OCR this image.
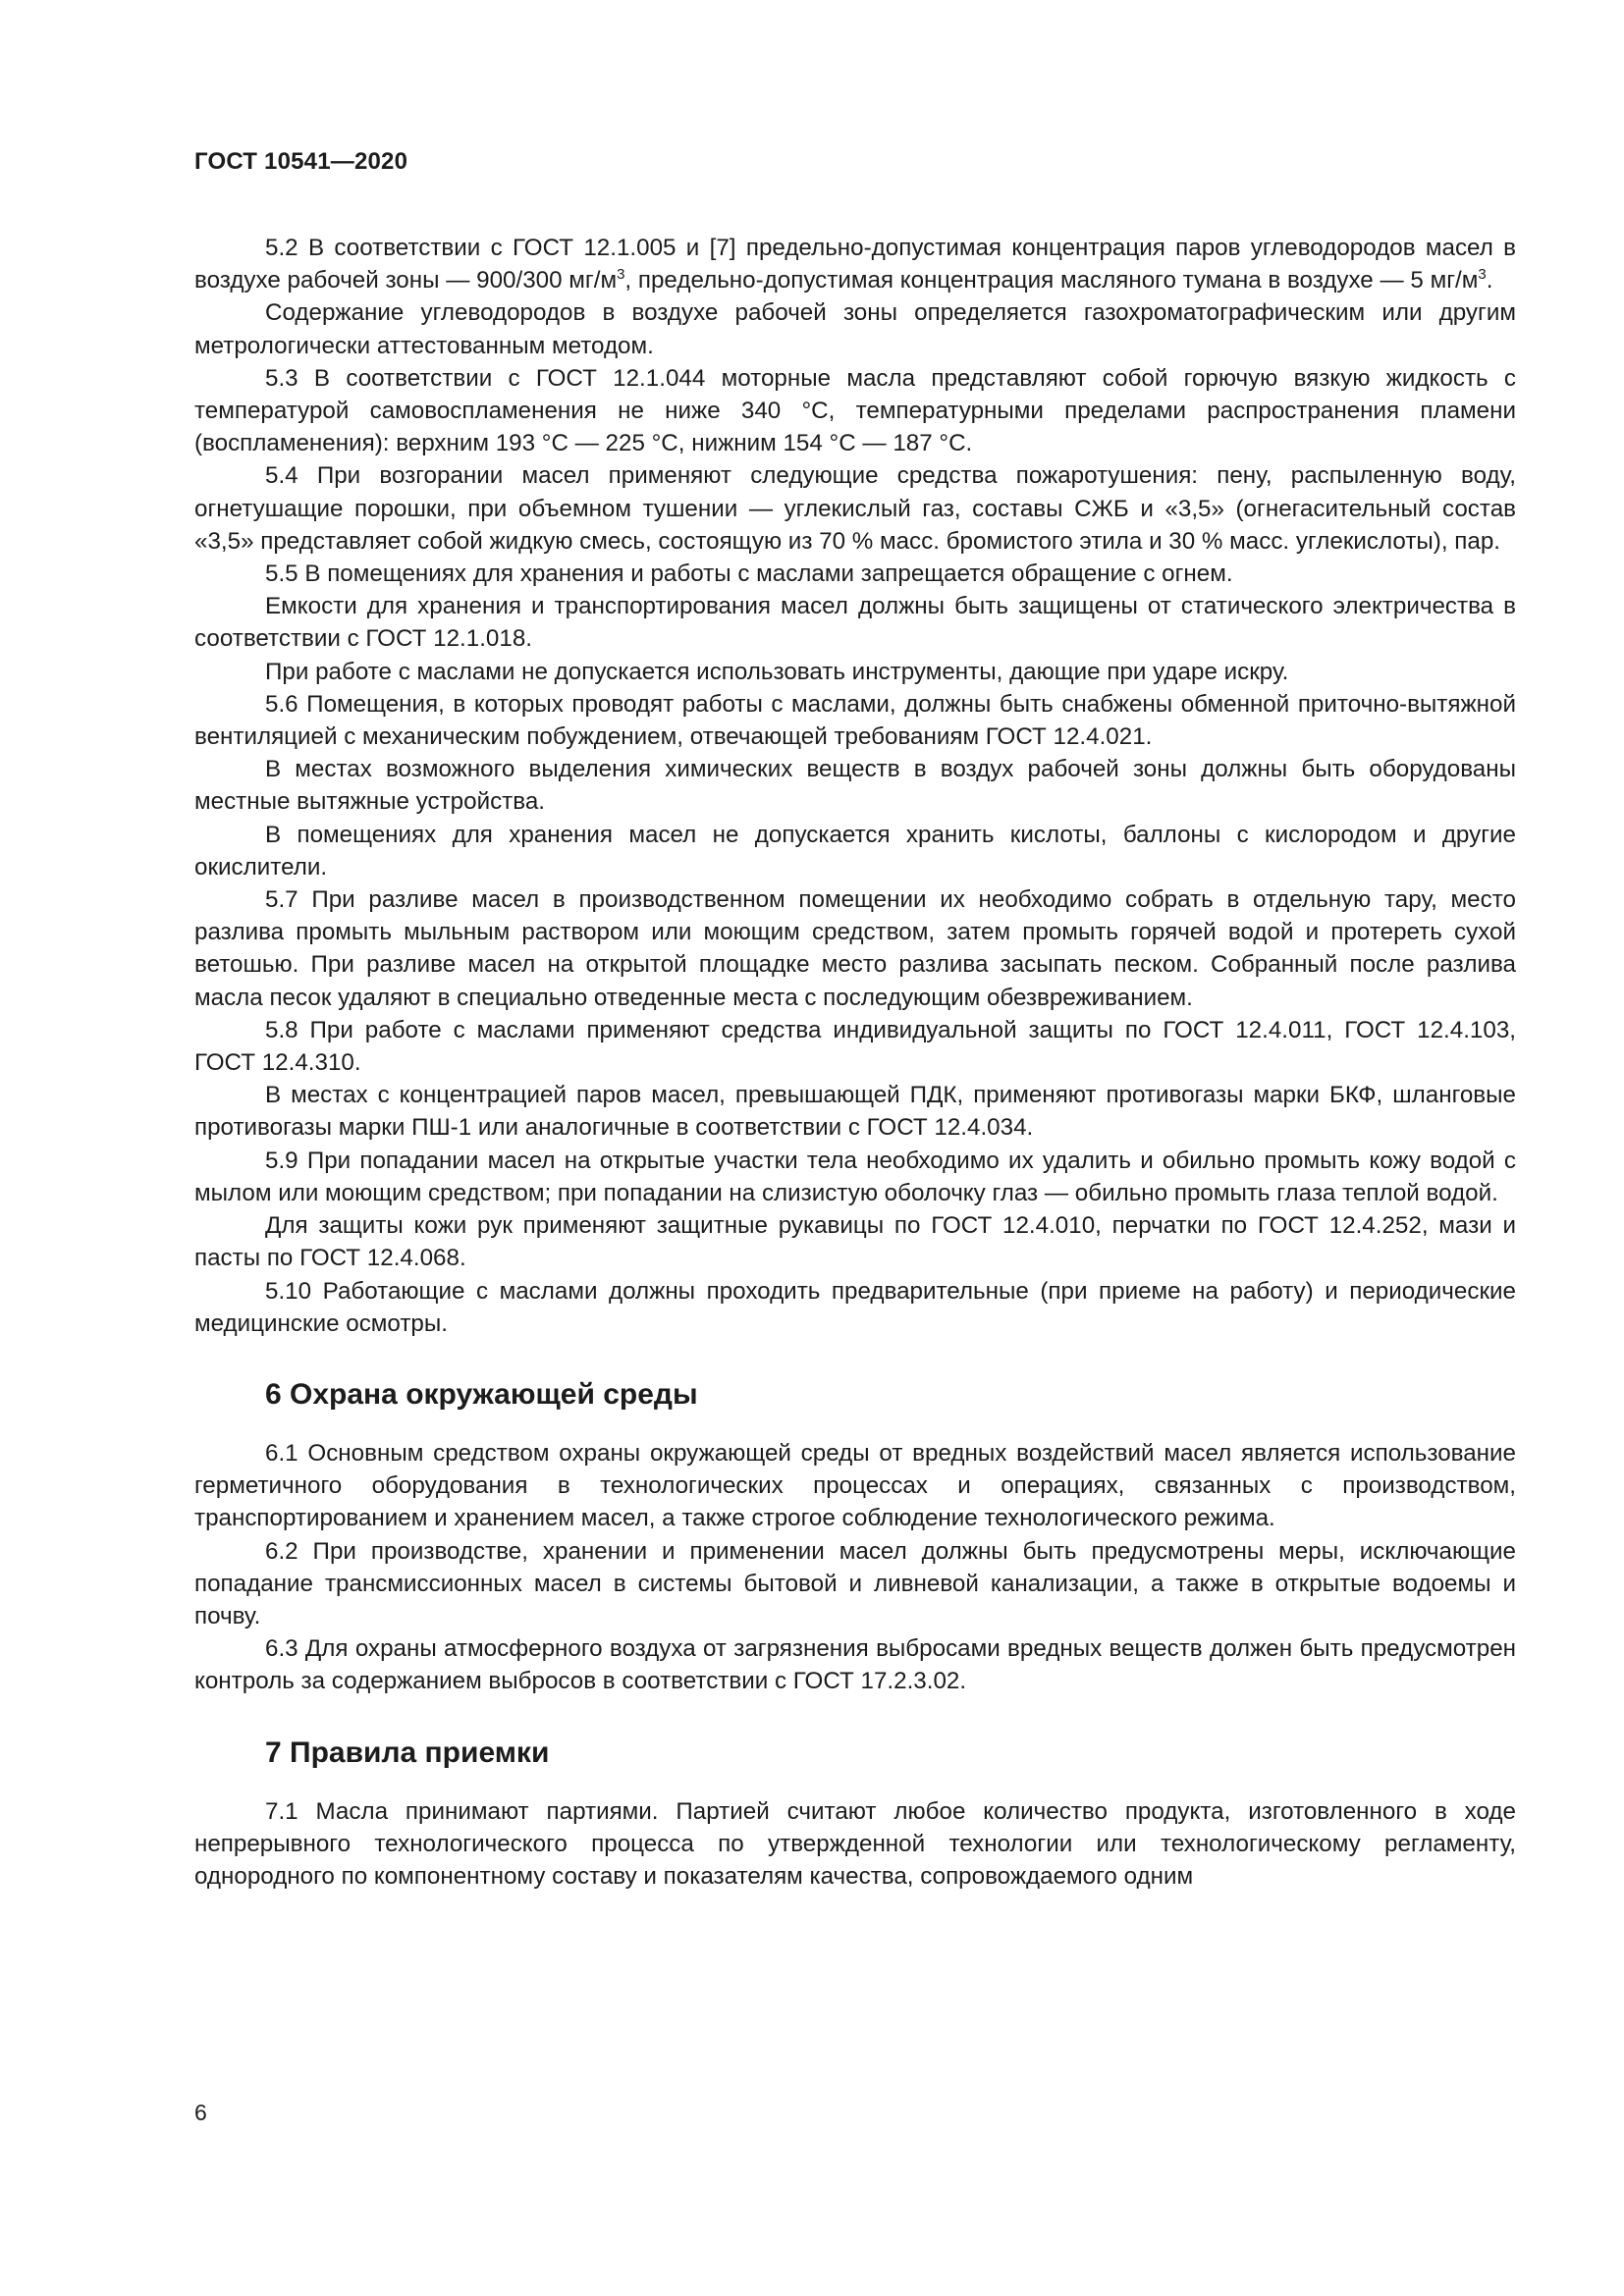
ГОСТ 10541—2020

5.2 В соответствии с ГОСТ 12.1.005 и [7] предельно-допустимая концентрация паров углеводородов масел в воздухе рабочей зоны — 900/300 $мг/м^3$, предельно-допустимая концентрация масляного тумана в воздухе — 5 $мг/м^3$.

Содержание углеводородов в воздухе рабочей зоны определяется газохроматографическим или другим метрологически аттестованным методом.

5.3 В соответствии с ГОСТ 12.1.044 моторные масла представляют собой горючую вязкую жидкость с температурой самовоспламенения не ниже 340 °С, температурными пределами распространения пламени (воспламенения): верхним 193 °С — 225 °С, нижним 154 °С — 187 °С.

5.4 При возгорании масел применяют следующие средства пожаротушения: пену, распыленную воду, огнетушащие порошки, при объемном тушении — углекислый газ, составы СЖБ и «3,5» (огнегасительный состав «3,5» представляет собой жидкую смесь, состоящую из 70 % масс. бромистого этила и 30 % масс. углекислоты), пар.

5.5 В помещениях для хранения и работы с маслами запрещается обращение с огнем.

Емкости для хранения и транспортирования масел должны быть защищены от статического электричества в соответствии с ГОСТ 12.1.018.

При работе с маслами не допускается использовать инструменты, дающие при ударе искру.

5.6 Помещения, в которых проводят работы с маслами, должны быть снабжены обменной приточно-вытяжной вентиляцией с механическим побуждением, отвечающей требованиям ГОСТ 12.4.021.

В местах возможного выделения химических веществ в воздух рабочей зоны должны быть оборудованы местные вытяжные устройства.

В помещениях для хранения масел не допускается хранить кислоты, баллоны с кислородом и другие окислители.

5.7 При разливе масел в производственном помещении их необходимо собрать в отдельную тару, место разлива промыть мыльным раствором или моющим средством, затем промыть горячей водой и протереть сухой ветошью. При разливе масел на открытой площадке место разлива засыпать песком. Собранный после разлива масла песок удаляют в специально отведенные места с последующим обезвреживанием.

5.8 При работе с маслами применяют средства индивидуальной защиты по ГОСТ 12.4.011, ГОСТ 12.4.103, ГОСТ 12.4.310.

В местах с концентрацией паров масел, превышающей ПДК, применяют противогазы марки БКФ, шланговые противогазы марки ПШ-1 или аналогичные в соответствии с ГОСТ 12.4.034.

5.9 При попадании масел на открытые участки тела необходимо их удалить и обильно промыть кожу водой с мылом или моющим средством; при попадании на слизистую оболочку глаз — обильно промыть глаза теплой водой.

Для защиты кожи рук применяют защитные рукавицы по ГОСТ 12.4.010, перчатки по ГОСТ 12.4.252, мази и пасты по ГОСТ 12.4.068.

5.10 Работающие с маслами должны проходить предварительные (при приеме на работу) и периодические медицинские осмотры.

6 Охрана окружающей среды

6.1 Основным средством охраны окружающей среды от вредных воздействий масел является использование герметичного оборудования в технологических процессах и операциях, связанных с производством, транспортированием и хранением масел, а также строгое соблюдение технологического режима.

6.2 При производстве, хранении и применении масел должны быть предусмотрены меры, исключающие попадание трансмиссионных масел в системы бытовой и ливневой канализации, а также в открытые водоемы и почву.

6.3 Для охраны атмосферного воздуха от загрязнения выбросами вредных веществ должен быть предусмотрен контроль за содержанием выбросов в соответствии с ГОСТ 17.2.3.02.

7 Правила приемки

7.1 Масла принимают партиями. Партией считают любое количество продукта, изготовленного в ходе непрерывного технологического процесса по утвержденной технологии или технологическому регламенту, однородного по компонентному составу и показателям качества, сопровождаемого одним

6
